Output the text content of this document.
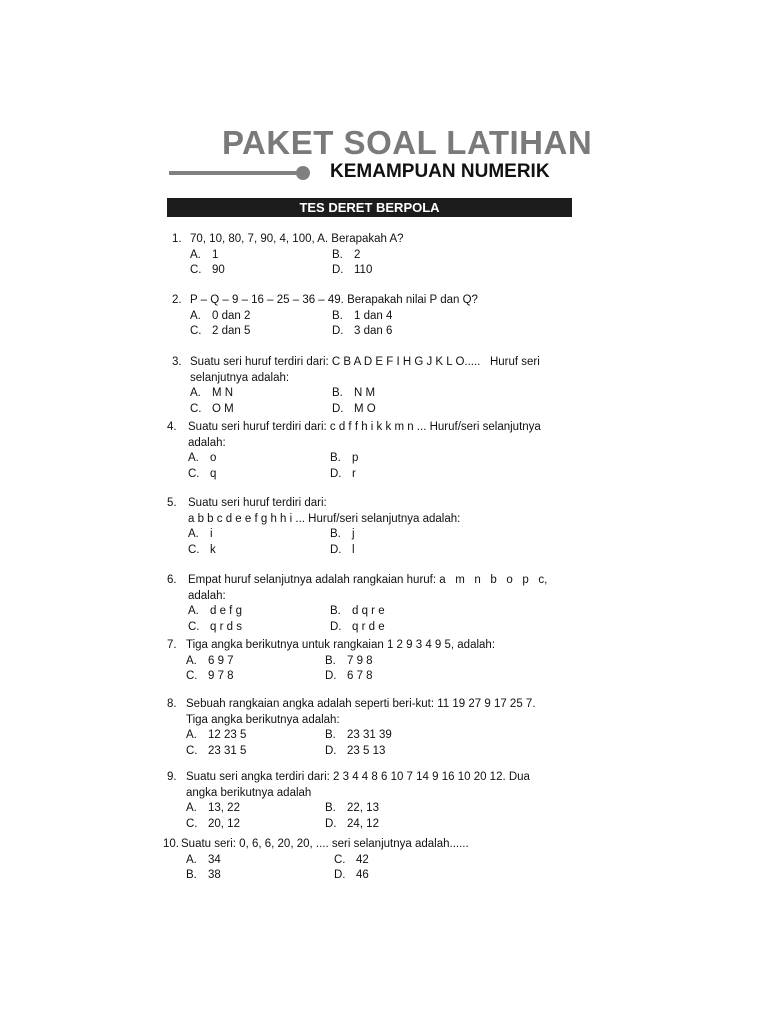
PAKET SOAL LATIHAN
KEMAMPUAN NUMERIK
TES DERET BERPOLA
1. 70, 10, 80, 7, 90, 4, 100, A. Berapakah A?
A. 1	B. 2
C. 90	D. 110
2. P – Q – 9 – 16 – 25 – 36 – 49. Berapakah nilai P dan Q?
A. 0 dan 2	B. 1 dan 4
C. 2 dan 5	D. 3 dan 6
3. Suatu seri huruf terdiri dari: C B A D E F I H G J K L O.....   Huruf seri
selanjutnya adalah:
A. M N	B. N M
C. O M	D. M O
4. Suatu seri huruf terdiri dari: c d f f h i k k m n ... Huruf/seri selanjutnya
adalah:
A. o	B. p
C. q	D. r
5. Suatu seri huruf terdiri dari:
a b b c d e e f g h h i ... Huruf/seri selanjutnya adalah:
A. i	B. j
C. k	D. l
6. Empat huruf selanjutnya adalah rangkaian huruf: a   m   n   b   o   p   c,
adalah:
A. d e f g	B. d q r e
C. q r d s	D. q r d e
7. Tiga angka berikutnya untuk rangkaian 1 2 9 3 4 9 5, adalah:
A. 6 9 7	B. 7 9 8
C. 9 7 8	D. 6 7 8
8. Sebuah rangkaian angka adalah seperti beri-kut: 11 19 27 9 17 25 7.
Tiga angka berikutnya adalah:
A. 12 23 5	B. 23 31 39
C. 23 31 5	D. 23 5 13
9. Suatu seri angka terdiri dari: 2 3 4 4 8 6 10 7 14 9 16 10 20 12. Dua
angka berikutnya adalah
A. 13, 22	B. 22, 13
C. 20, 12	D. 24, 12
10. Suatu seri: 0, 6, 6, 20, 20, .... seri selanjutnya adalah......
A. 34	C. 42
B. 38	D. 46
